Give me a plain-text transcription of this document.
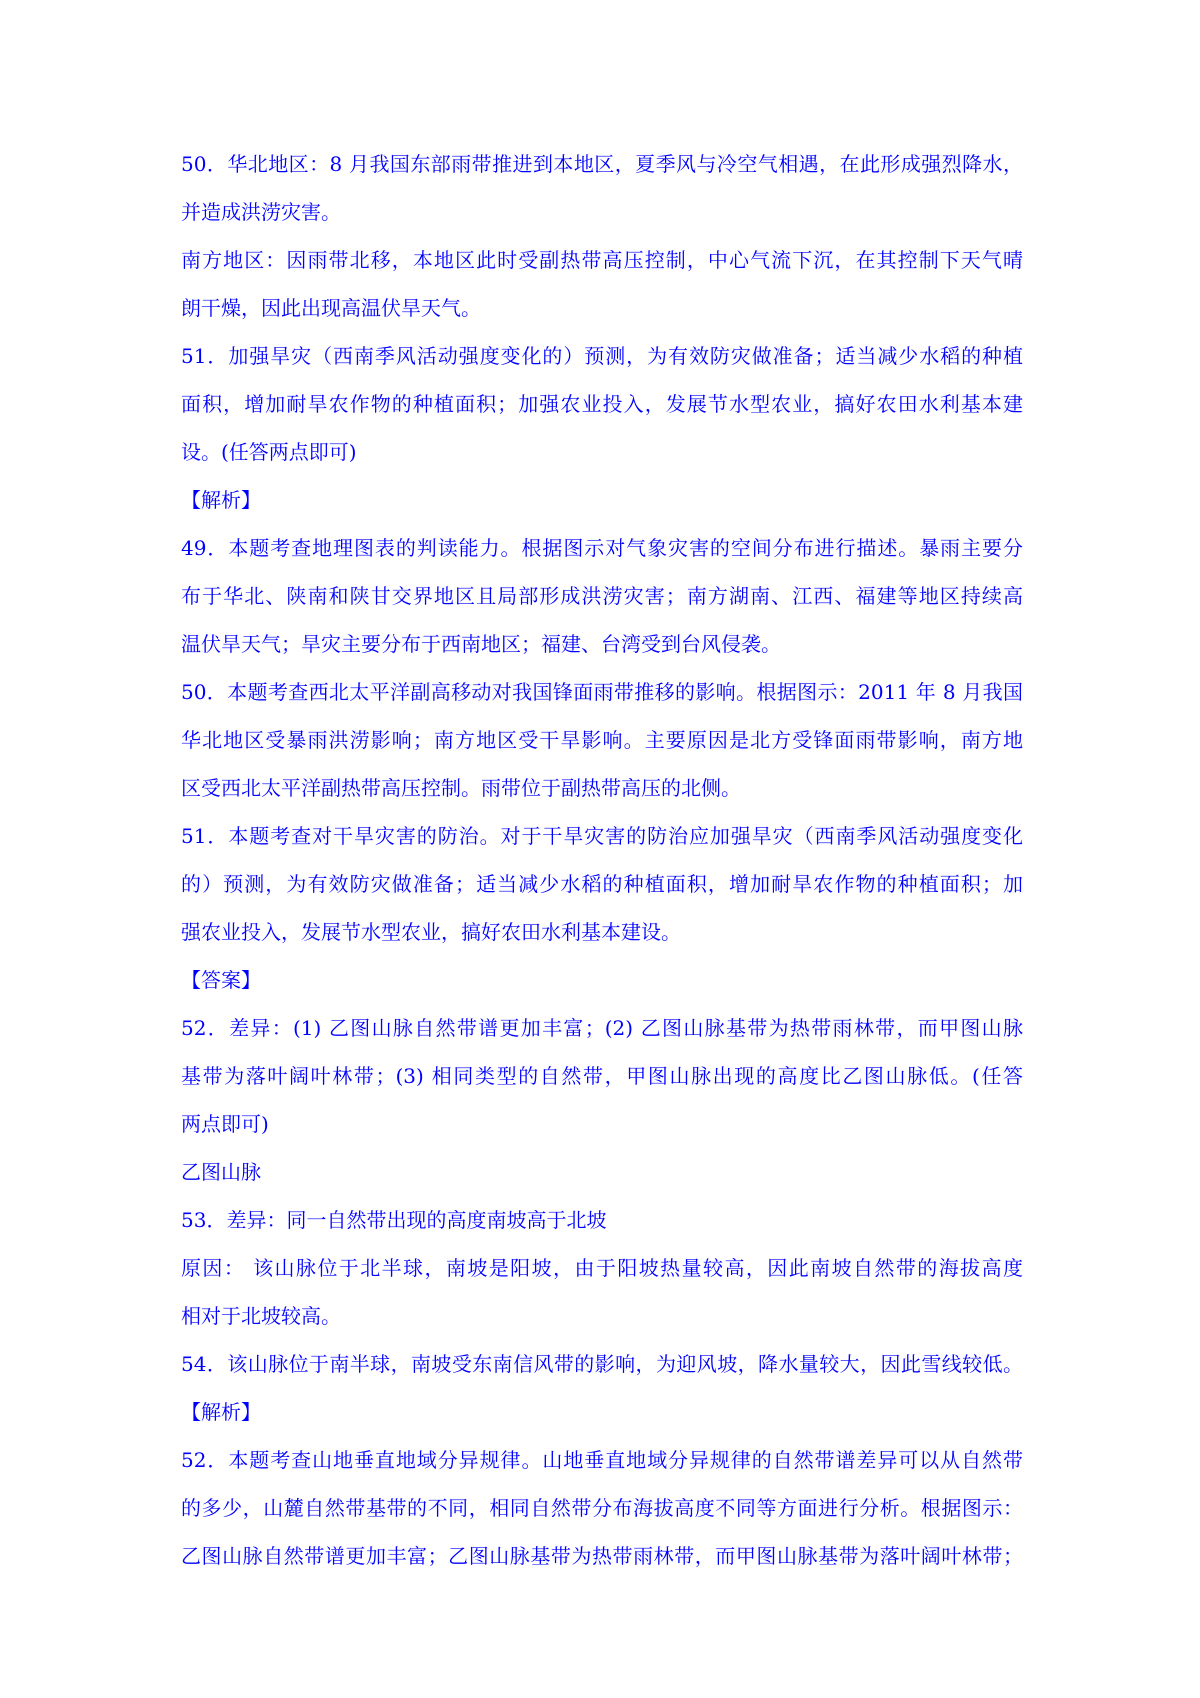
50．华北地区：8 月我国东部雨带推进到本地区，夏季风与冷空气相遇，在此形成强烈降水，
并造成洪涝灾害。
南方地区：因雨带北移，本地区此时受副热带高压控制，中心气流下沉，在其控制下天气晴
朗干燥，因此出现高温伏旱天气。
51．加强旱灾（西南季风活动强度变化的）预测，为有效防灾做准备；适当减少水稻的种植
面积，增加耐旱农作物的种植面积；加强农业投入，发展节水型农业，搞好农田水利基本建
设。(任答两点即可)
【解析】
49．本题考查地理图表的判读能力。根据图示对气象灾害的空间分布进行描述。暴雨主要分
布于华北、陕南和陕甘交界地区且局部形成洪涝灾害；南方湖南、江西、福建等地区持续高
温伏旱天气；旱灾主要分布于西南地区；福建、台湾受到台风侵袭。
50．本题考查西北太平洋副高移动对我国锋面雨带推移的影响。根据图示：2011 年 8 月我国
华北地区受暴雨洪涝影响；南方地区受干旱影响。主要原因是北方受锋面雨带影响，南方地
区受西北太平洋副热带高压控制。雨带位于副热带高压的北侧。
51．本题考查对干旱灾害的防治。对于干旱灾害的防治应加强旱灾（西南季风活动强度变化
的）预测，为有效防灾做准备；适当减少水稻的种植面积，增加耐旱农作物的种植面积；加
强农业投入，发展节水型农业，搞好农田水利基本建设。
【答案】
52．差异：(1) 乙图山脉自然带谱更加丰富；(2) 乙图山脉基带为热带雨林带，而甲图山脉
基带为落叶阔叶林带；(3) 相同类型的自然带，甲图山脉出现的高度比乙图山脉低。(任答
两点即可)
乙图山脉
53．差异：同一自然带出现的高度南坡高于北坡
原因： 该山脉位于北半球，南坡是阳坡，由于阳坡热量较高，因此南坡自然带的海拔高度
相对于北坡较高。
54．该山脉位于南半球，南坡受东南信风带的影响，为迎风坡，降水量较大，因此雪线较低。
【解析】
52．本题考查山地垂直地域分异规律。山地垂直地域分异规律的自然带谱差异可以从自然带
的多少，山麓自然带基带的不同，相同自然带分布海拔高度不同等方面进行分析。根据图示：
乙图山脉自然带谱更加丰富；乙图山脉基带为热带雨林带，而甲图山脉基带为落叶阔叶林带；
